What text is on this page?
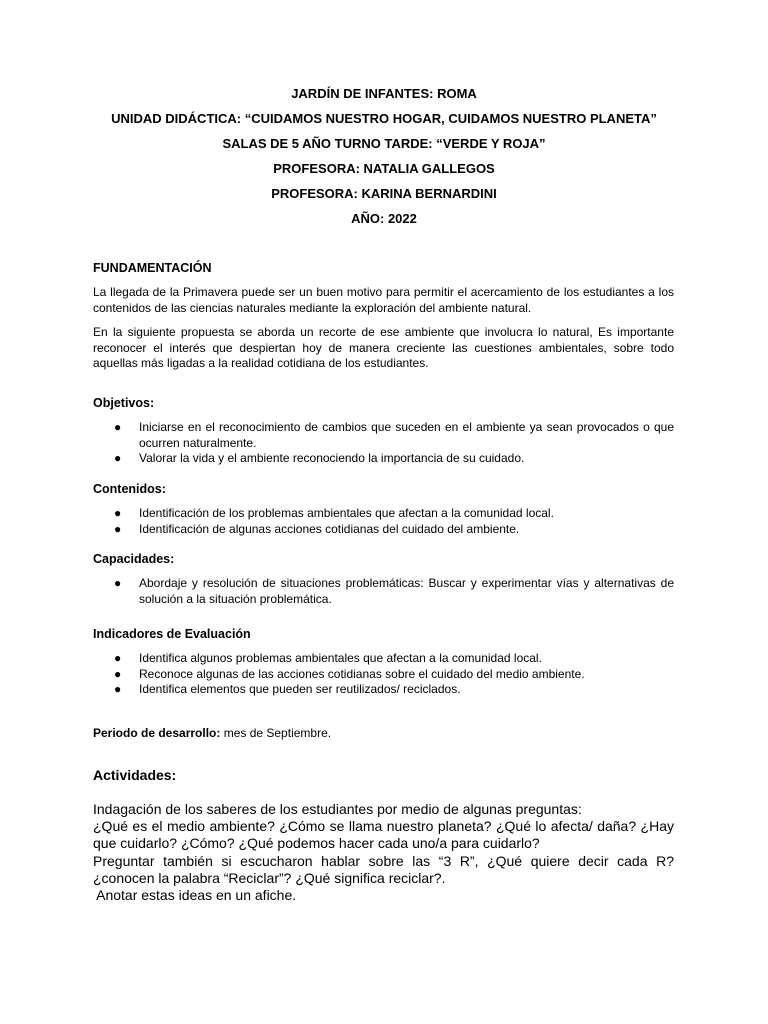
JARDÍN DE INFANTES: ROMA
UNIDAD DIDÁCTICA: “CUIDAMOS NUESTRO HOGAR, CUIDAMOS NUESTRO PLANETA”
SALAS DE 5 AÑO TURNO TARDE: “VERDE Y ROJA”
PROFESORA: NATALIA GALLEGOS
PROFESORA: KARINA BERNARDINI
AÑO: 2022
FUNDAMENTACIÓN
La llegada de la Primavera puede ser un buen motivo para permitir el acercamiento de los estudiantes a los contenidos de las ciencias naturales mediante la exploración del ambiente natural.
En la siguiente propuesta se aborda un recorte de ese ambiente que involucra lo natural, Es importante reconocer el interés que despiertan hoy de manera creciente las cuestiones ambientales, sobre todo aquellas más ligadas a la realidad cotidiana de los estudiantes.
Objetivos:
● Iniciarse en el reconocimiento de cambios que suceden en el ambiente ya sean provocados o que ocurren naturalmente.
● Valorar la vida y el ambiente reconociendo la importancia de su cuidado.
Contenidos:
● Identificación de los problemas ambientales que afectan a la comunidad local.
● Identificación de algunas acciones cotidianas del cuidado del ambiente.
Capacidades:
● Abordaje y resolución de situaciones problemáticas: Buscar y experimentar vías y alternativas de solución a la situación problemática.
Indicadores de Evaluación
● Identifica algunos problemas ambientales que afectan a la comunidad local.
● Reconoce algunas de las acciones cotidianas sobre el cuidado del medio ambiente.
● Identifica elementos que pueden ser reutilizados/ reciclados.
Periodo de desarrollo: mes de Septiembre.
Actividades:
Indagación de los saberes de los estudiantes por medio de algunas preguntas:
¿Qué es el medio ambiente? ¿Cómo se llama nuestro planeta? ¿Qué lo afecta/ daña? ¿Hay que cuidarlo? ¿Cómo? ¿Qué podemos hacer cada uno/a para cuidarlo?
Preguntar también si escucharon hablar sobre las “3 R”, ¿Qué quiere decir cada R? ¿conocen la palabra “Reciclar”? ¿Qué significa reciclar?.
Anotar estas ideas en un afiche.
